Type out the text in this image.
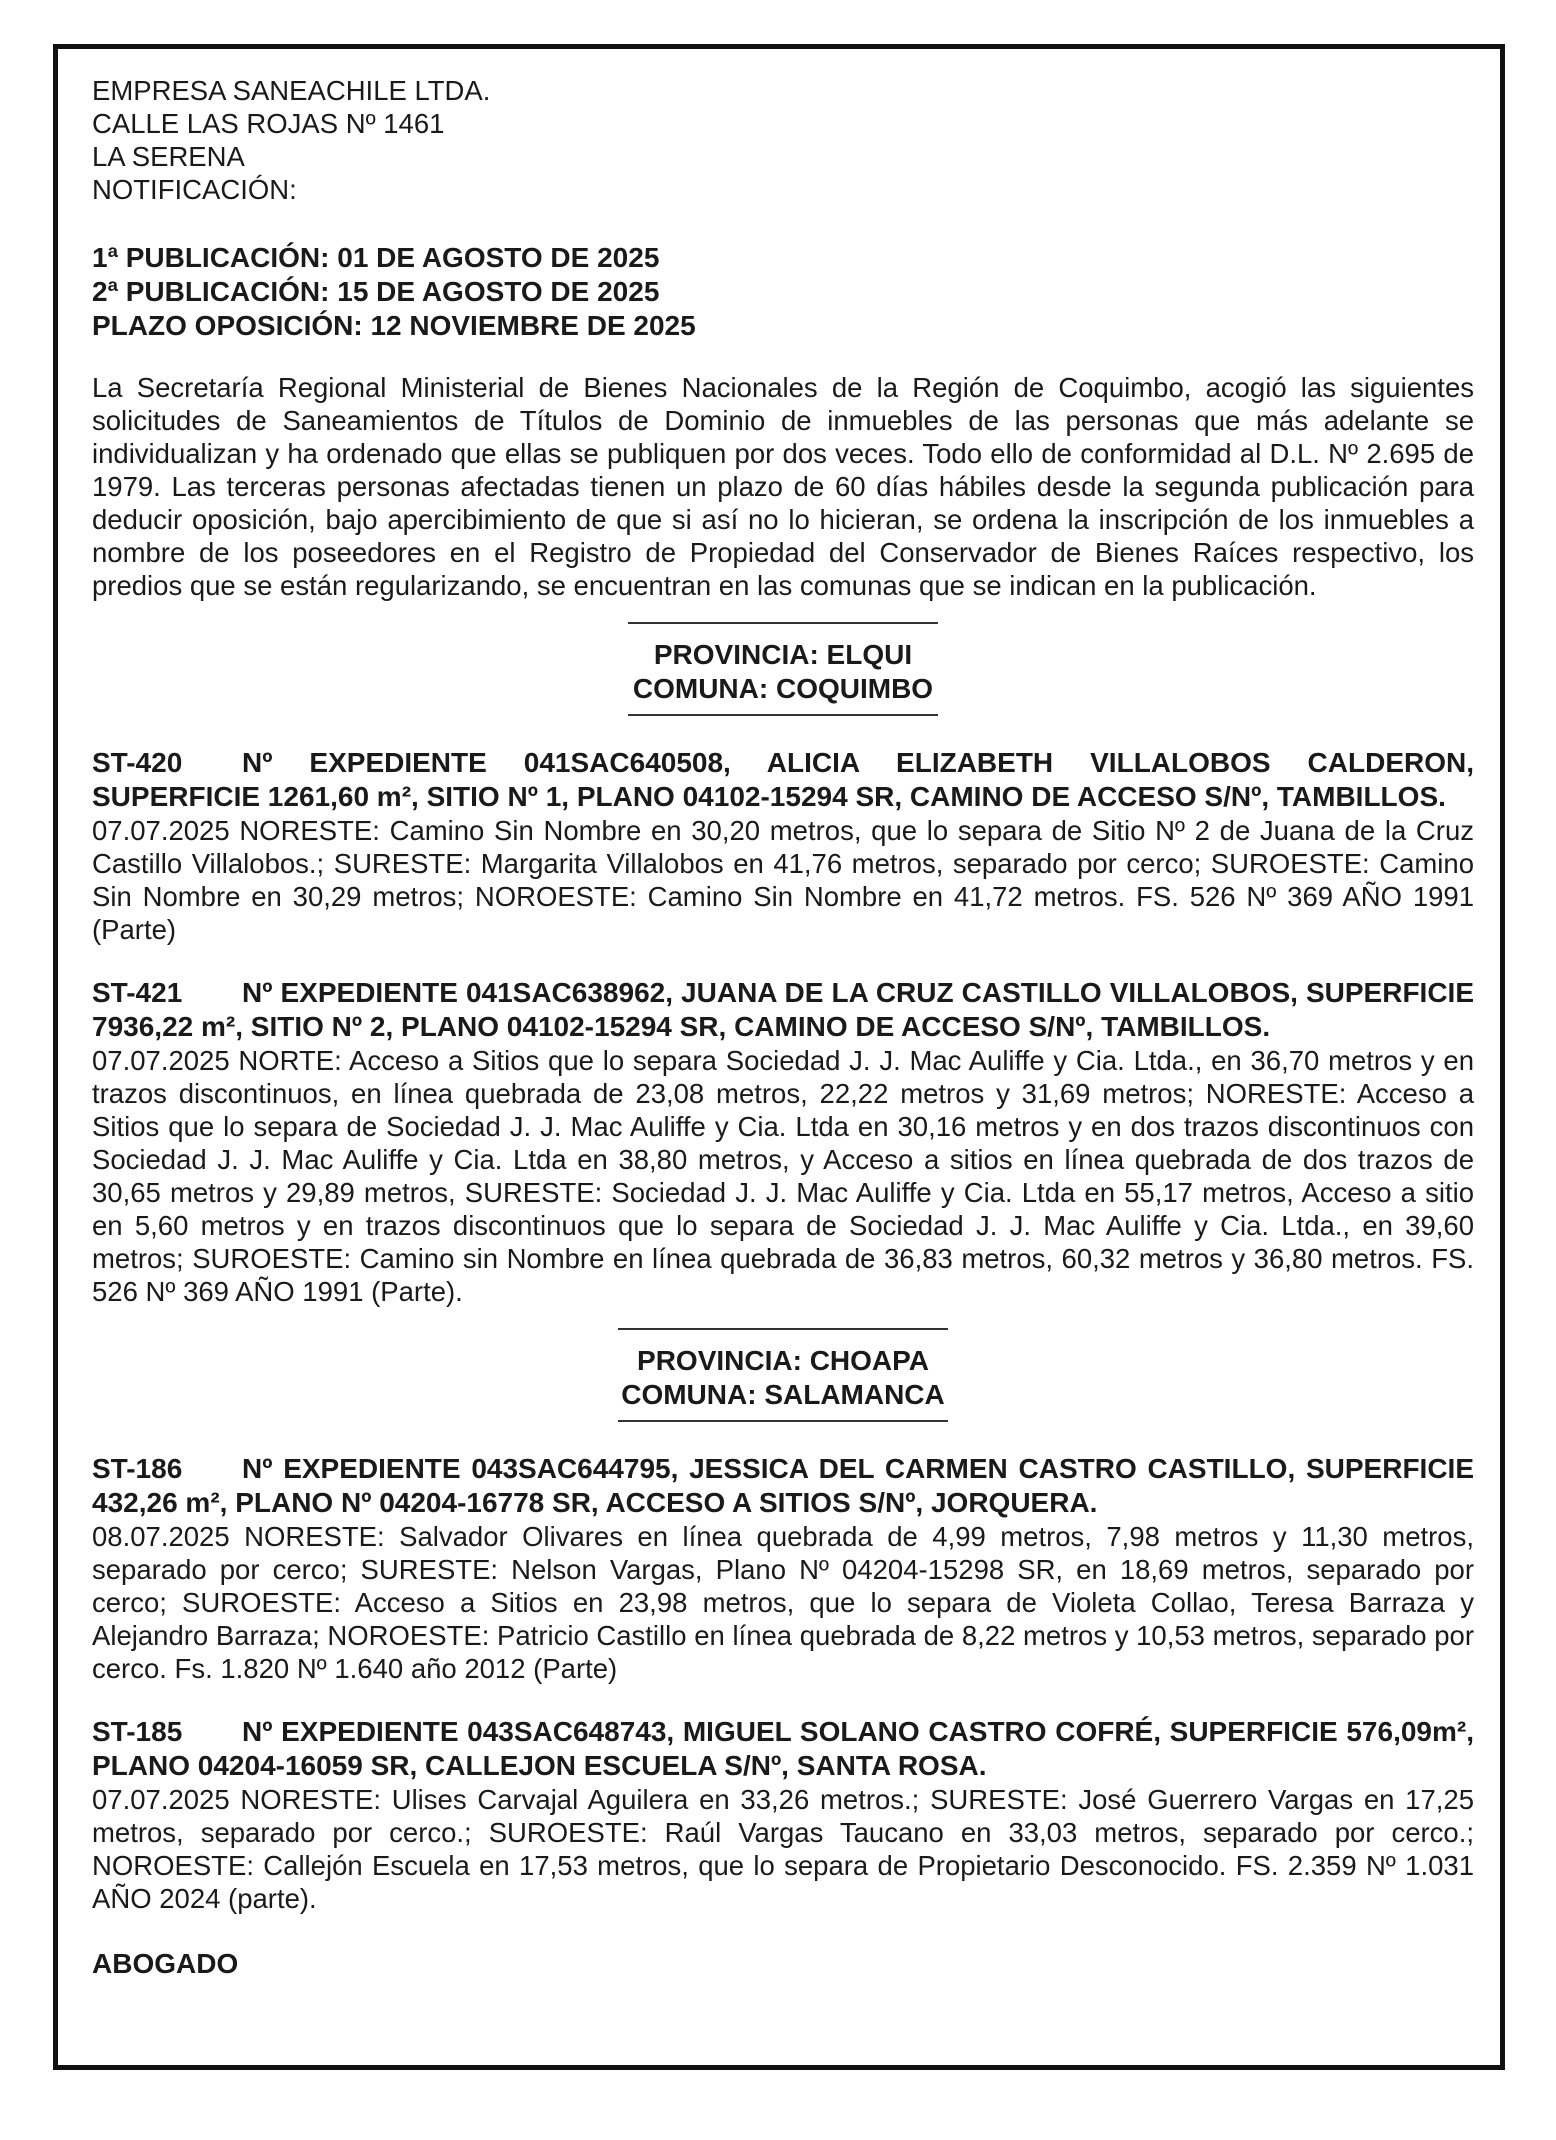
EMPRESA SANEACHILE LTDA.
CALLE LAS ROJAS Nº 1461
LA SERENA
NOTIFICACIÓN:
1ª PUBLICACIÓN: 01 DE AGOSTO DE 2025
2ª PUBLICACIÓN: 15 DE AGOSTO DE 2025
PLAZO OPOSICIÓN: 12 NOVIEMBRE DE 2025
La Secretaría Regional Ministerial de Bienes Nacionales de la Región de Coquimbo, acogió las siguientes solicitudes de Saneamientos de Títulos de Dominio de inmuebles de las personas que más adelante se individualizan y ha ordenado que ellas se publiquen por dos veces. Todo ello de conformidad al D.L. Nº 2.695 de 1979. Las terceras personas afectadas tienen un plazo de 60 días hábiles desde la segunda publicación para deducir oposición, bajo apercibimiento de que si así no lo hicieran, se ordena la inscripción de los inmuebles a nombre de los poseedores en el Registro de Propiedad del Conservador de Bienes Raíces respectivo, los predios que se están regularizando, se encuentran en las comunas que se indican en la publicación.
PROVINCIA: ELQUI
COMUNA: COQUIMBO
ST-420 Nº EXPEDIENTE 041SAC640508, ALICIA ELIZABETH VILLALOBOS CALDERON, SUPERFICIE 1261,60 m², SITIO Nº 1, PLANO 04102-15294 SR, CAMINO DE ACCESO S/Nº, TAMBILLOS.
07.07.2025 NORESTE: Camino Sin Nombre en 30,20 metros, que lo separa de Sitio Nº 2 de Juana de la Cruz Castillo Villalobos.; SURESTE: Margarita Villalobos en 41,76 metros, separado por cerco; SUROESTE: Camino Sin Nombre en 30,29 metros; NOROESTE: Camino Sin Nombre en 41,72 metros. FS. 526 Nº 369 AÑO 1991 (Parte)
ST-421 Nº EXPEDIENTE 041SAC638962, JUANA DE LA CRUZ CASTILLO VILLALOBOS, SUPERFICIE 7936,22 m², SITIO Nº 2, PLANO 04102-15294 SR, CAMINO DE ACCESO S/Nº, TAMBILLOS.
07.07.2025 NORTE: Acceso a Sitios que lo separa Sociedad J. J. Mac Auliffe y Cia. Ltda., en 36,70 metros y en trazos discontinuos, en línea quebrada de 23,08 metros, 22,22 metros y 31,69 metros; NORESTE: Acceso a Sitios que lo separa de Sociedad J. J. Mac Auliffe y Cia. Ltda en 30,16 metros y en dos trazos discontinuos con Sociedad J. J. Mac Auliffe y Cia. Ltda en 38,80 metros, y Acceso a sitios en línea quebrada de dos trazos de 30,65 metros y 29,89 metros, SURESTE: Sociedad J. J. Mac Auliffe y Cia. Ltda en 55,17 metros, Acceso a sitio en 5,60 metros y en trazos discontinuos que lo separa de Sociedad J. J. Mac Auliffe y Cia. Ltda., en 39,60 metros; SUROESTE: Camino sin Nombre en línea quebrada de 36,83 metros, 60,32 metros y 36,80 metros. FS. 526 Nº 369 AÑO 1991 (Parte).
PROVINCIA: CHOAPA
COMUNA: SALAMANCA
ST-186 Nº EXPEDIENTE 043SAC644795, JESSICA DEL CARMEN CASTRO CASTILLO, SUPERFICIE 432,26 m², PLANO Nº 04204-16778 SR, ACCESO A SITIOS S/Nº, JORQUERA.
08.07.2025 NORESTE: Salvador Olivares en línea quebrada de 4,99 metros, 7,98 metros y 11,30 metros, separado por cerco; SURESTE: Nelson Vargas, Plano Nº 04204-15298 SR, en 18,69 metros, separado por cerco; SUROESTE: Acceso a Sitios en 23,98 metros, que lo separa de Violeta Collao, Teresa Barraza y Alejandro Barraza; NOROESTE: Patricio Castillo en línea quebrada de 8,22 metros y 10,53 metros, separado por cerco. Fs. 1.820 Nº 1.640 año 2012 (Parte)
ST-185 Nº EXPEDIENTE 043SAC648743, MIGUEL SOLANO CASTRO COFRÉ, SUPERFICIE 576,09m², PLANO 04204-16059 SR, CALLEJON ESCUELA S/Nº, SANTA ROSA.
07.07.2025 NORESTE: Ulises Carvajal Aguilera en 33,26 metros.; SURESTE: José Guerrero Vargas en 17,25 metros, separado por cerco.; SUROESTE: Raúl Vargas Taucano en 33,03 metros, separado por cerco.; NOROESTE: Callejón Escuela en 17,53 metros, que lo separa de Propietario Desconocido. FS. 2.359 Nº 1.031 AÑO 2024 (parte).
ABOGADO
